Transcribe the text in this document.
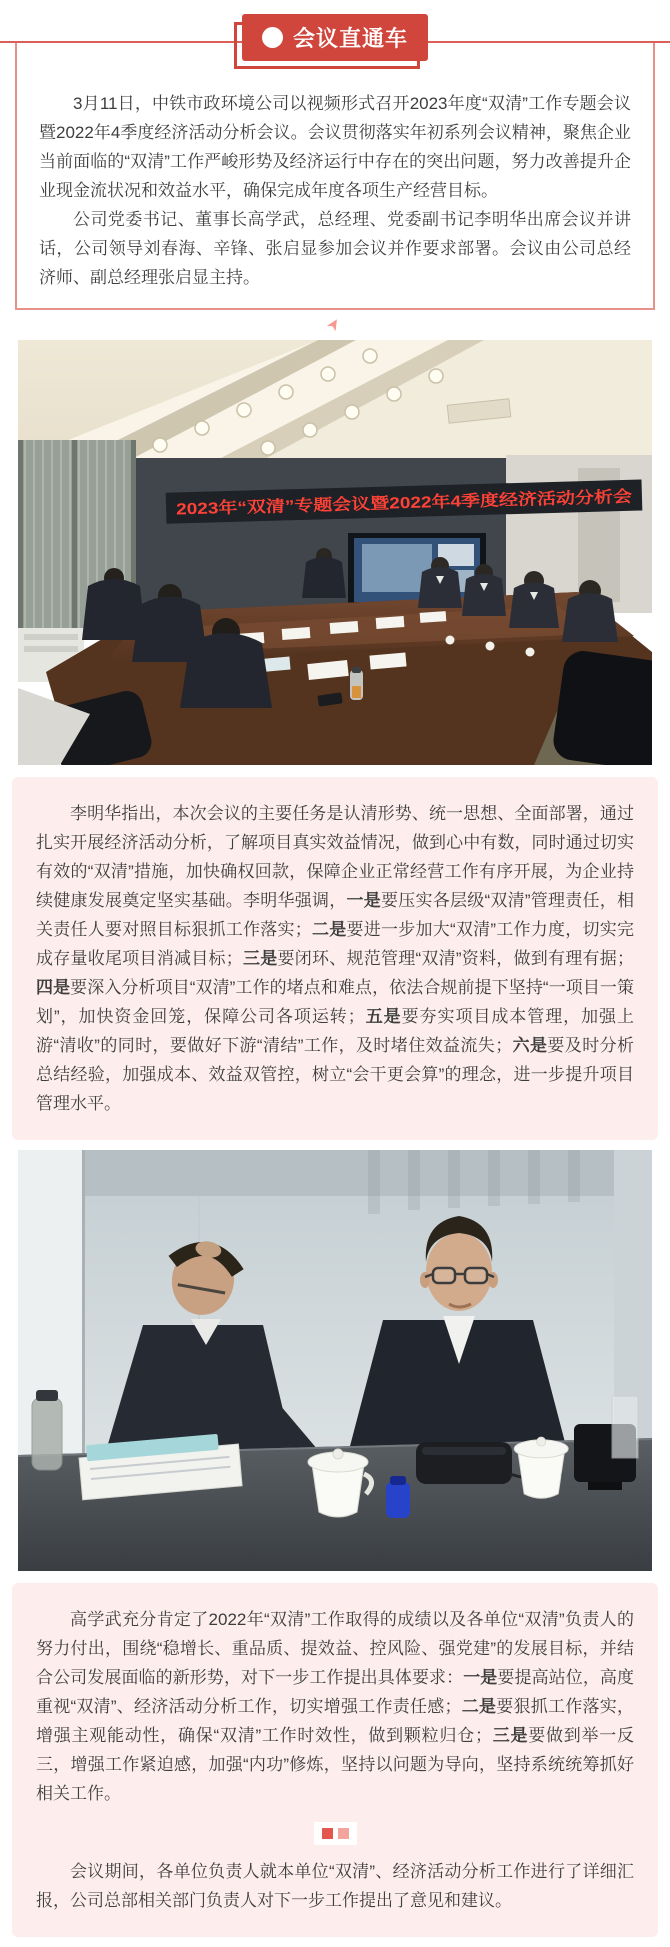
会议直通车

3月11日，中铁市政环境公司以视频形式召开2023年度“双清”工作专题会议暨2022年4季度经济活动分析会议。会议贯彻落实年初系列会议精神，聚焦企业当前面临的“双清”工作严峻形势及经济运行中存在的突出问题，努力改善提升企业现金流状况和效益水平，确保完成年度各项生产经营目标。

公司党委书记、董事长高学武，总经理、党委副书记李明华出席会议并讲话，公司领导刘春海、辛锋、张启显参加会议并作要求部署。会议由公司总经济师、副总经理张启显主持。

➤
2023年“双清”专题会议暨2022年4季度经济活动分析会

李明华指出，本次会议的主要任务是认清形势、统一思想、全面部署，通过扎实开展经济活动分析，了解项目真实效益情况，做到心中有数，同时通过切实有效的“双清”措施，加快确权回款，保障企业正常经营工作有序开展，为企业持续健康发展奠定坚实基础。李明华强调，一是要压实各层级“双清”管理责任，相关责任人要对照目标狠抓工作落实；二是要进一步加大“双清”工作力度，切实完成存量收尾项目消减目标；三是要闭环、规范管理“双清”资料，做到有理有据；四是要深入分析项目“双清”工作的堵点和难点，依法合规前提下坚持“一项目一策划”，加快资金回笼，保障公司各项运转；五是要夯实项目成本管理，加强上游“清收”的同时，要做好下游“清结”工作，及时堵住效益流失；六是要及时分析总结经验，加强成本、效益双管控，树立“会干更会算”的理念，进一步提升项目管理水平。

高学武充分肯定了2022年“双清”工作取得的成绩以及各单位“双清”负责人的努力付出，围绕“稳增长、重品质、提效益、控风险、强党建”的发展目标，并结合公司发展面临的新形势，对下一步工作提出具体要求：一是要提高站位，高度重视“双清”、经济活动分析工作，切实增强工作责任感；二是要狠抓工作落实，增强主观能动性，确保“双清”工作时效性，做到颗粒归仓；三是要做到举一反三，增强工作紧迫感，加强“内功”修炼，坚持以问题为导向，坚持系统统筹抓好相关工作。

会议期间，各单位负责人就本单位“双清”、经济活动分析工作进行了详细汇报，公司总部相关部门负责人对下一步工作提出了意见和建议。
